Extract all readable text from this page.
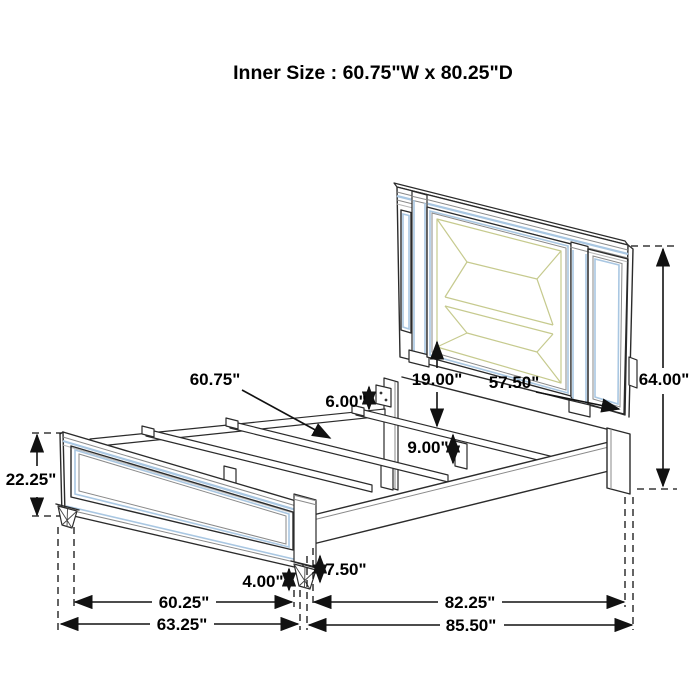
Inner Size : 60.75"W x 80.25"D
60.75"
6.00"
19.00" 57.50"	64.00"
9.00"
22.25"
4.00"
7.50"
60.25"
63.25"
82.25"
85.50"
